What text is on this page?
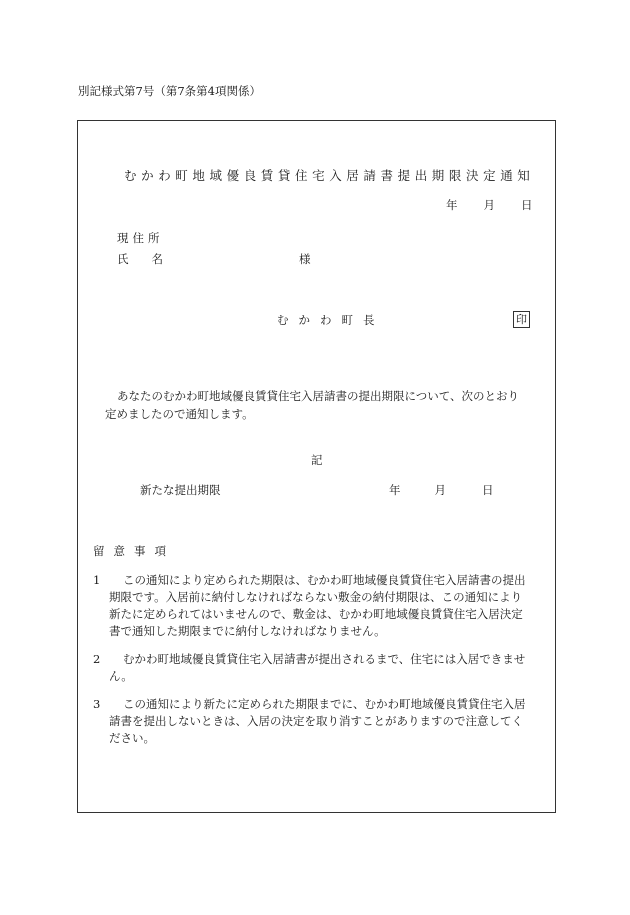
別記様式第7号（第7条第4項関係）
むかわ町地域優良賃貸住宅入居請書提出期限決定通知
年 月 日
現住所
氏　　名	様
むかわ町長	印

あなたのむかわ町地域優良賃貸住宅入居請書の提出期限について、次のとおり

定めましたので通知します。

記
新たな提出期限	年	月	日
留意事項
1	この通知により定められた期限は、むかわ町地域優良賃貸住宅入居請書の提出
期限です。入居前に納付しなければならない敷金の納付期限は、この通知により
新たに定められてはいませんので、敷金は、むかわ町地域優良賃貸住宅入居決定
書で通知した期限までに納付しなければなりません。
2	むかわ町地域優良賃貸住宅入居請書が提出されるまで、住宅には入居できませ
ん。
3	この通知により新たに定められた期限までに、むかわ町地域優良賃貸住宅入居
請書を提出しないときは、入居の決定を取り消すことがありますので注意してく
ださい。
